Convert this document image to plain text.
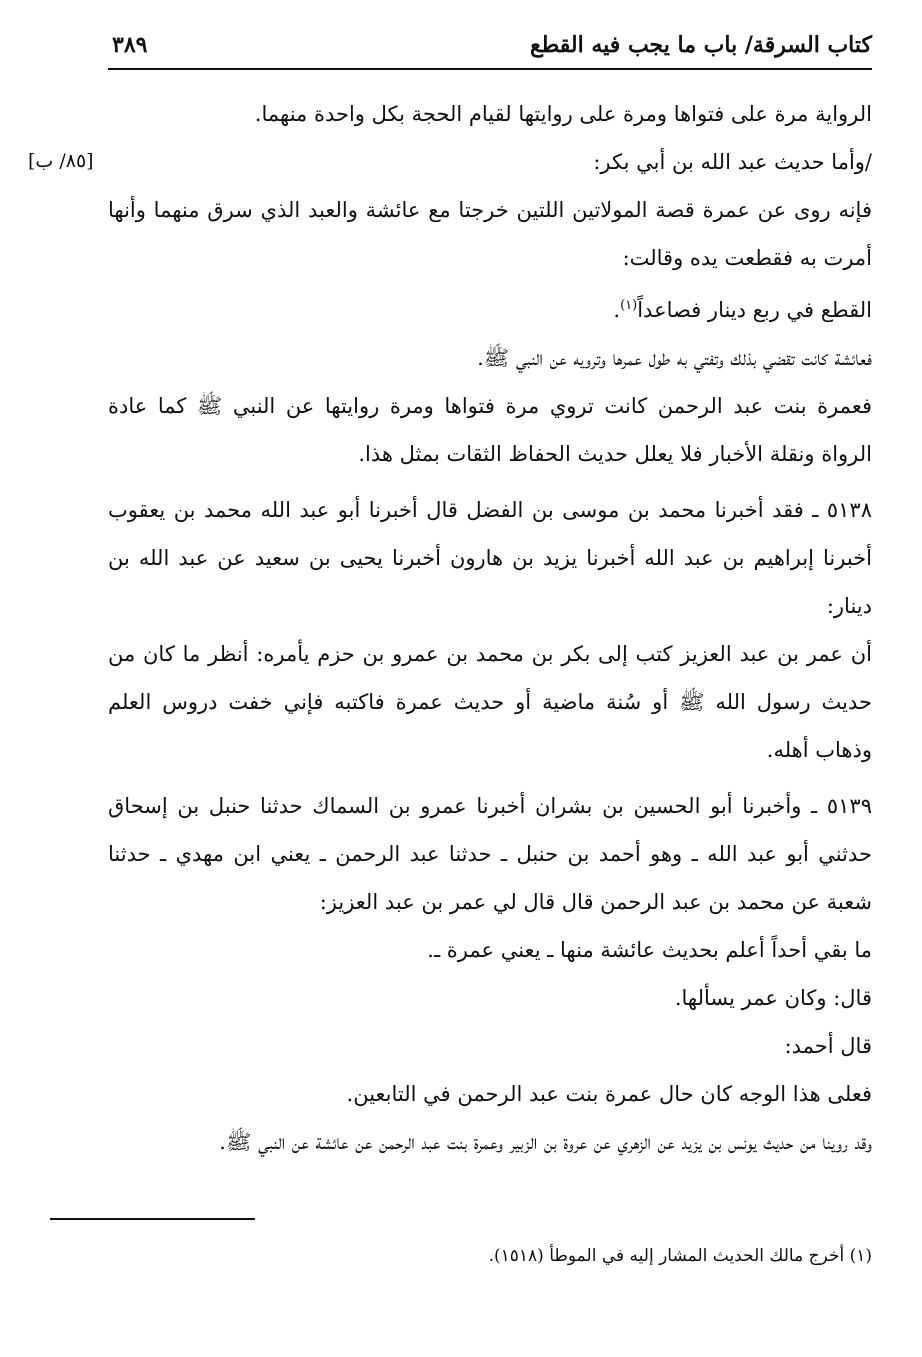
كتاب السرقة/ باب ما يجب فيه القطع
٣٨٩
[٨٥/ ب]

الرواية مرة على فتواها ومرة على روايتها لقيام الحجة بكل واحدة منهما.

/وأما حديث عبد الله بن أبي بكر:

فإنه روى عن عمرة قصة المولاتين اللتين خرجتا مع عائشة والعبد الذي سرق منهما وأنها أمرت به فقطعت يده وقالت:

القطع في ربع دينار فصاعداً$^{(١)}$.

فعائشة كانت تقضي بذلك وتفتي به طول عمرها وترويه عن النبي ﷺ.

فعمرة بنت عبد الرحمن كانت تروي مرة فتواها ومرة روايتها عن النبي ﷺ كما عادة الرواة ونقلة الأخبار فلا يعلل حديث الحفاظ الثقات بمثل هذا.

٥١٣٨ ـ فقد أخبرنا محمد بن موسى بن الفضل قال أخبرنا أبو عبد الله محمد بن يعقوب أخبرنا إبراهيم بن عبد الله أخبرنا يزيد بن هارون أخبرنا يحيى بن سعيد عن عبد الله بن دينار:

أن عمر بن عبد العزيز كتب إلى بكر بن محمد بن عمرو بن حزم يأمره: أنظر ما كان من حديث رسول الله ﷺ أو سُنة ماضية أو حديث عمرة فاكتبه فإني خفت دروس العلم وذهاب أهله.

٥١٣٩ ـ وأخبرنا أبو الحسين بن بشران أخبرنا عمرو بن السماك حدثنا حنبل بن إسحاق حدثني أبو عبد الله ـ وهو أحمد بن حنبل ـ حدثنا عبد الرحمن ـ يعني ابن مهدي ـ حدثنا شعبة عن محمد بن عبد الرحمن قال قال لي عمر بن عبد العزيز:

ما بقي أحداً أعلم بحديث عائشة منها ـ يعني عمرة ـ.

قال: وكان عمر يسألها.

قال أحمد:

فعلى هذا الوجه كان حال عمرة بنت عبد الرحمن في التابعين.

وقد روينا من حديث يونس بن يزيد عن الزهري عن عروة بن الزبير وعمرة بنت عبد الرحمن عن عائشة عن النبي ﷺ.

(١) أخرج مالك الحديث المشار إليه في الموطأ (١٥١٨).
